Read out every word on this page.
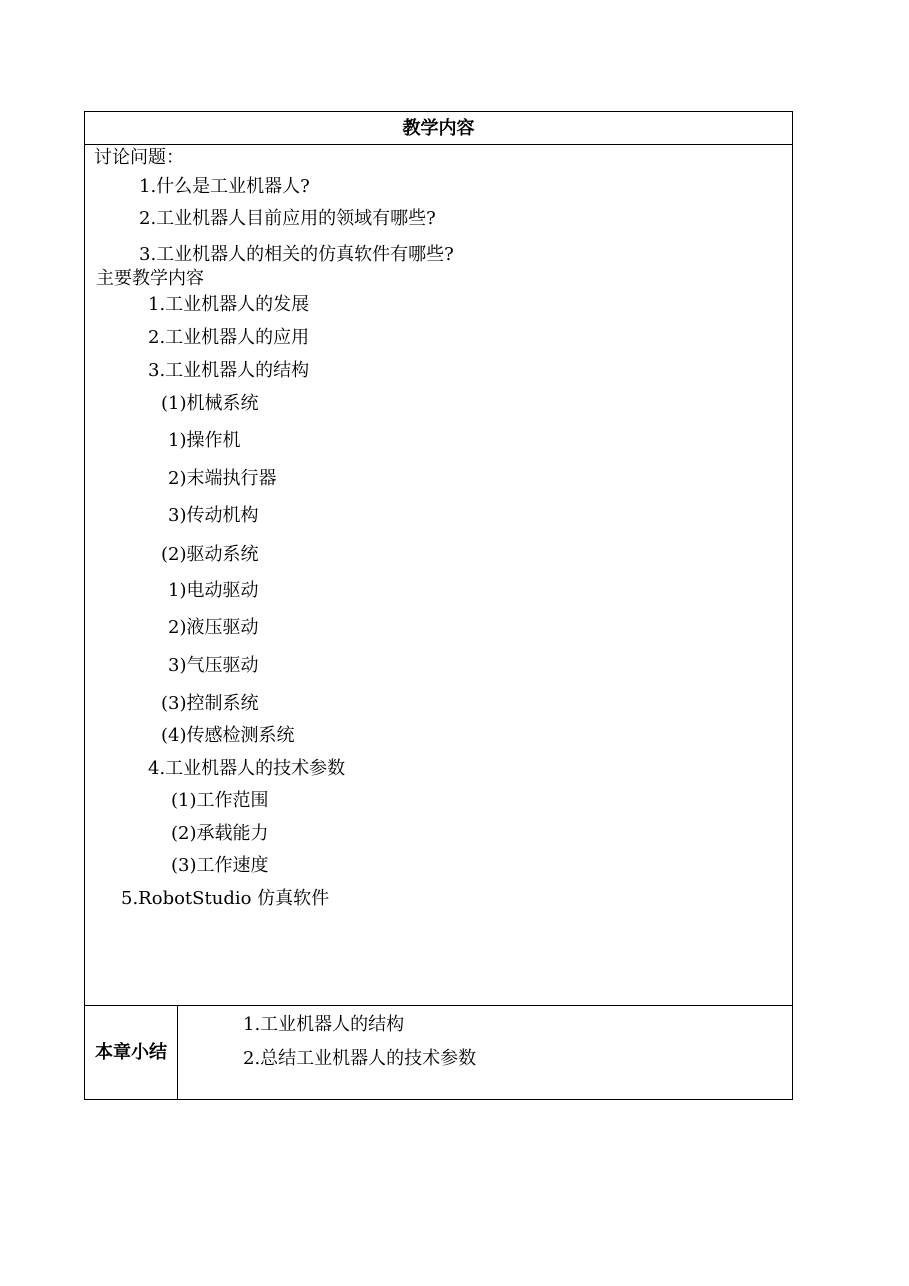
教学内容
讨论问题：
1.什么是工业机器人?
2.工业机器人目前应用的领域有哪些?
3.工业机器人的相关的仿真软件有哪些?
主要教学内容
1.工业机器人的发展
2.工业机器人的应用
3.工业机器人的结构
(1)机械系统
1)操作机
2)末端执行器
3)传动机构
(2)驱动系统
1)电动驱动
2)液压驱动
3)气压驱动
(3)控制系统
(4)传感检测系统
4.工业机器人的技术参数
(1)工作范围
(2)承载能力
(3)工作速度
5.RobotStudio 仿真软件
本章小结
1.工业机器人的结构
2.总结工业机器人的技术参数
